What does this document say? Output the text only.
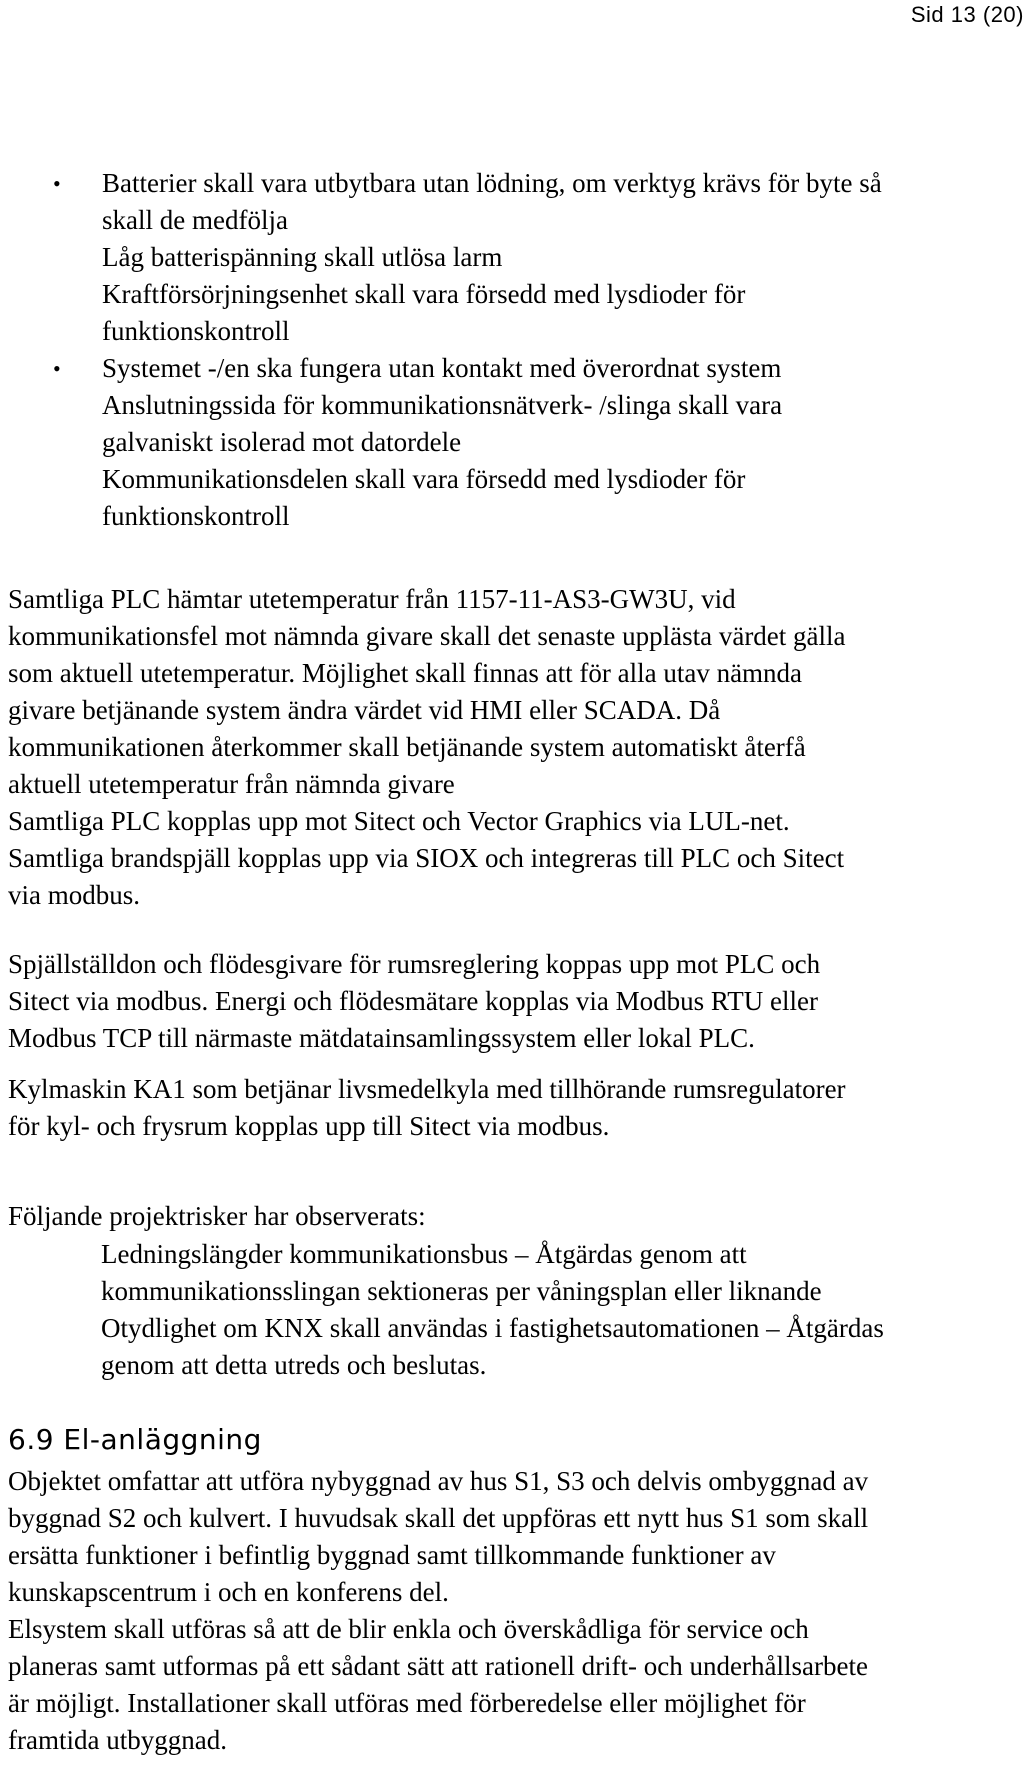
Sid 13 (20)
• Batterier skall vara utbytbara utan lödning, om verktyg krävs för byte så
skall de medfölja
Låg batterispänning skall utlösa larm
Kraftförsörjningsenhet skall vara försedd med lysdioder för
funktionskontroll
• Systemet -/en ska fungera utan kontakt med överordnat system
Anslutningssida för kommunikationsnätverk- /slinga skall vara
galvaniskt isolerad mot datordele
Kommunikationsdelen skall vara försedd med lysdioder för
funktionskontroll
Samtliga PLC hämtar utetemperatur från 1157-11-AS3-GW3U, vid
kommunikationsfel mot nämnda givare skall det senaste upplästa värdet gälla
som aktuell utetemperatur. Möjlighet skall finnas att för alla utav nämnda
givare betjänande system ändra värdet vid HMI eller SCADA. Då
kommunikationen återkommer skall betjänande system automatiskt återfå
aktuell utetemperatur från nämnda givare
Samtliga PLC kopplas upp mot Sitect och Vector Graphics via LUL-net.
Samtliga brandspjäll kopplas upp via SIOX och integreras till PLC och Sitect
via modbus.
Spjällställdon och flödesgivare för rumsreglering koppas upp mot PLC och
Sitect via modbus. Energi och flödesmätare kopplas via Modbus RTU eller
Modbus TCP till närmaste mätdatainsamlingssystem eller lokal PLC.
Kylmaskin KA1 som betjänar livsmedelkyla med tillhörande rumsregulatorer
för kyl- och frysrum kopplas upp till Sitect via modbus.
Följande projektrisker har observerats:
Ledningslängder kommunikationsbus – Åtgärdas genom att
kommunikationsslingan sektioneras per våningsplan eller liknande
Otydlighet om KNX skall användas i fastighetsautomationen – Åtgärdas
genom att detta utreds och beslutas.
6.9 El-anläggning
Objektet omfattar att utföra nybyggnad av hus S1, S3 och delvis ombyggnad av
byggnad S2 och kulvert. I huvudsak skall det uppföras ett nytt hus S1 som skall
ersätta funktioner i befintlig byggnad samt tillkommande funktioner av
kunskapscentrum i och en konferens del.
Elsystem skall utföras så att de blir enkla och överskådliga för service och
planeras samt utformas på ett sådant sätt att rationell drift- och underhållsarbete
är möjligt. Installationer skall utföras med förberedelse eller möjlighet för
framtida utbyggnad.
